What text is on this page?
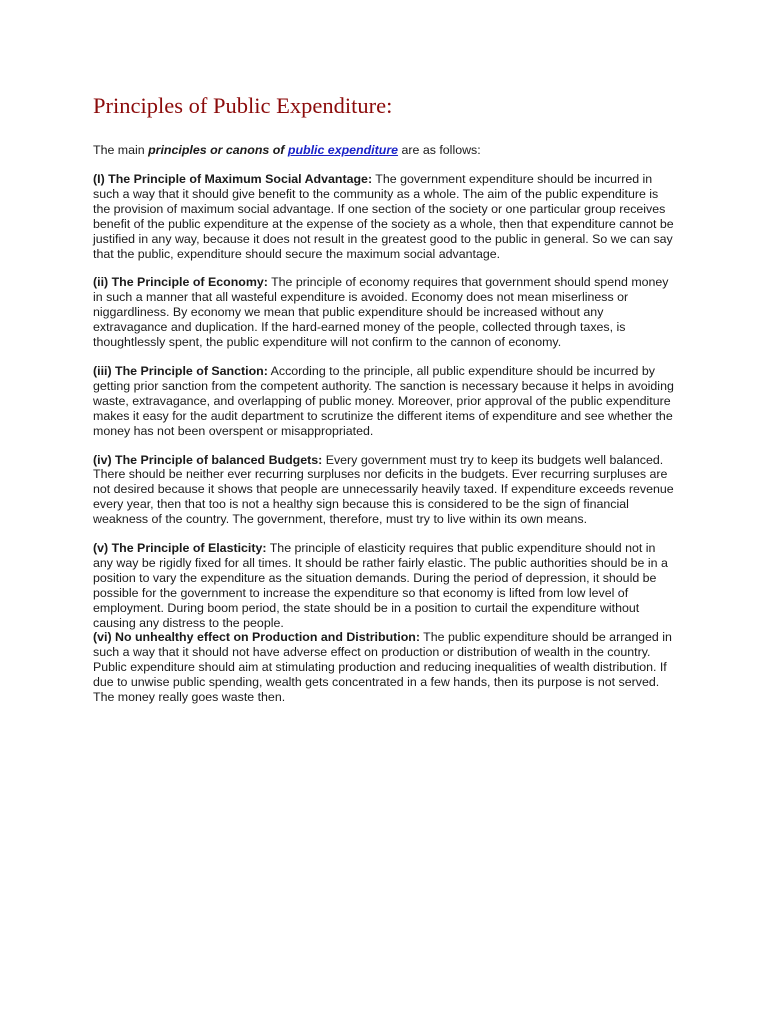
Principles of Public Expenditure:

The main principles or canons of public expenditure are as follows:

(I) The Principle of Maximum Social Advantage: The government expenditure should be incurred in such a way that it should give benefit to the community as a whole. The aim of the public expenditure is the provision of maximum social advantage. If one section of the society or one particular group receives benefit of the public expenditure at the expense of the society as a whole, then that expenditure cannot be justified in any way, because it does not result in the greatest good to the public in general. So we can say that the public, expenditure should secure the maximum social advantage.

(ii) The Principle of Economy: The principle of economy requires that government should spend money in such a manner that all wasteful expenditure is avoided. Economy does not mean miserliness or niggardliness. By economy we mean that public expenditure should be increased without any extravagance and duplication. If the hard-earned money of the people, collected through taxes, is thoughtlessly spent, the public expenditure will not confirm to the cannon of economy.

(iii) The Principle of Sanction: According to the principle, all public expenditure should be incurred by getting prior sanction from the competent authority. The sanction is necessary because it helps in avoiding waste, extravagance, and overlapping of public money. Moreover, prior approval of the public expenditure makes it easy for the audit department to scrutinize the different items of expenditure and see whether the money has not been overspent or misappropriated.

(iv) The Principle of balanced Budgets: Every government must try to keep its budgets well balanced. There should be neither ever recurring surpluses nor deficits in the budgets. Ever recurring surpluses are not desired because it shows that people are unnecessarily heavily taxed. If expenditure exceeds revenue every year, then that too is not a healthy sign because this is considered to be the sign of financial weakness of the country. The government, therefore, must try to live within its own means.

(v) The Principle of Elasticity: The principle of elasticity requires that public expenditure should not in any way be rigidly fixed for all times. It should be rather fairly elastic. The public authorities should be in a position to vary the expenditure as the situation demands. During the period of depression, it should be possible for the government to increase the expenditure so that economy is lifted from low level of employment. During boom period, the state should be in a position to curtail the expenditure without causing any distress to the people.

(vi) No unhealthy effect on Production and Distribution: The public expenditure should be arranged in such a way that it should not have adverse effect on production or distribution of wealth in the country. Public expenditure should aim at stimulating production and reducing inequalities of wealth distribution. If due to unwise public spending, wealth gets concentrated in a few hands, then its purpose is not served. The money really goes waste then.
